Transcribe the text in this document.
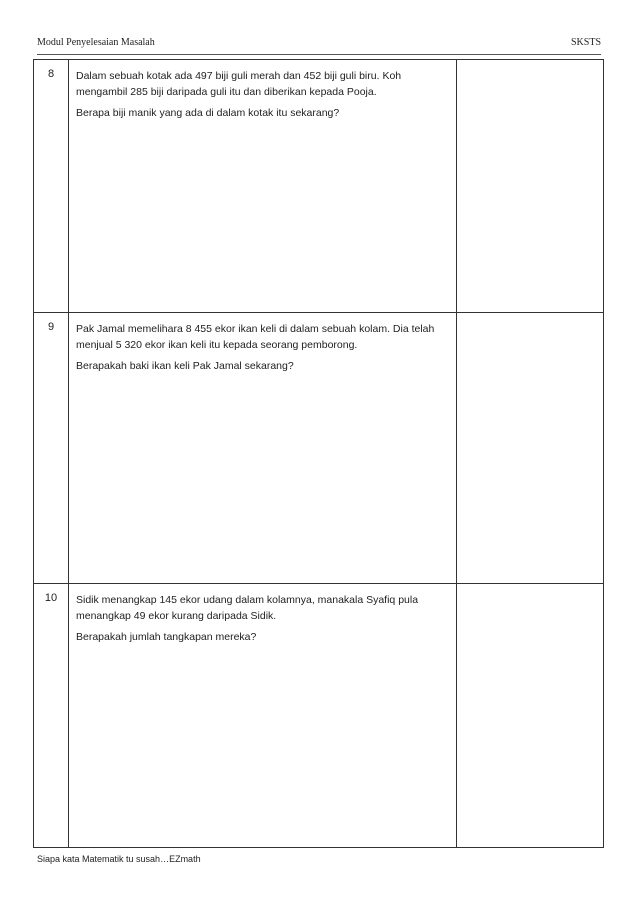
Modul Penyelesaian Masalah	SKSTS
8	Dalam sebuah kotak ada 497 biji guli merah dan 452 biji guli biru. Koh mengambil 285 biji daripada guli itu dan diberikan kepada Pooja.

Berapa biji manik yang ada di dalam kotak itu sekarang?

9	Pak Jamal memelihara 8 455 ekor ikan keli di dalam sebuah kolam. Dia telah menjual 5 320 ekor ikan keli itu kepada seorang pemborong.

Berapakah baki ikan keli Pak Jamal sekarang?

10	Sidik menangkap 145 ekor udang dalam kolamnya, manakala Syafiq pula menangkap 49 ekor kurang daripada Sidik.

Berapakah jumlah tangkapan mereka?

Siapa kata Matematik tu susah…EZmath
